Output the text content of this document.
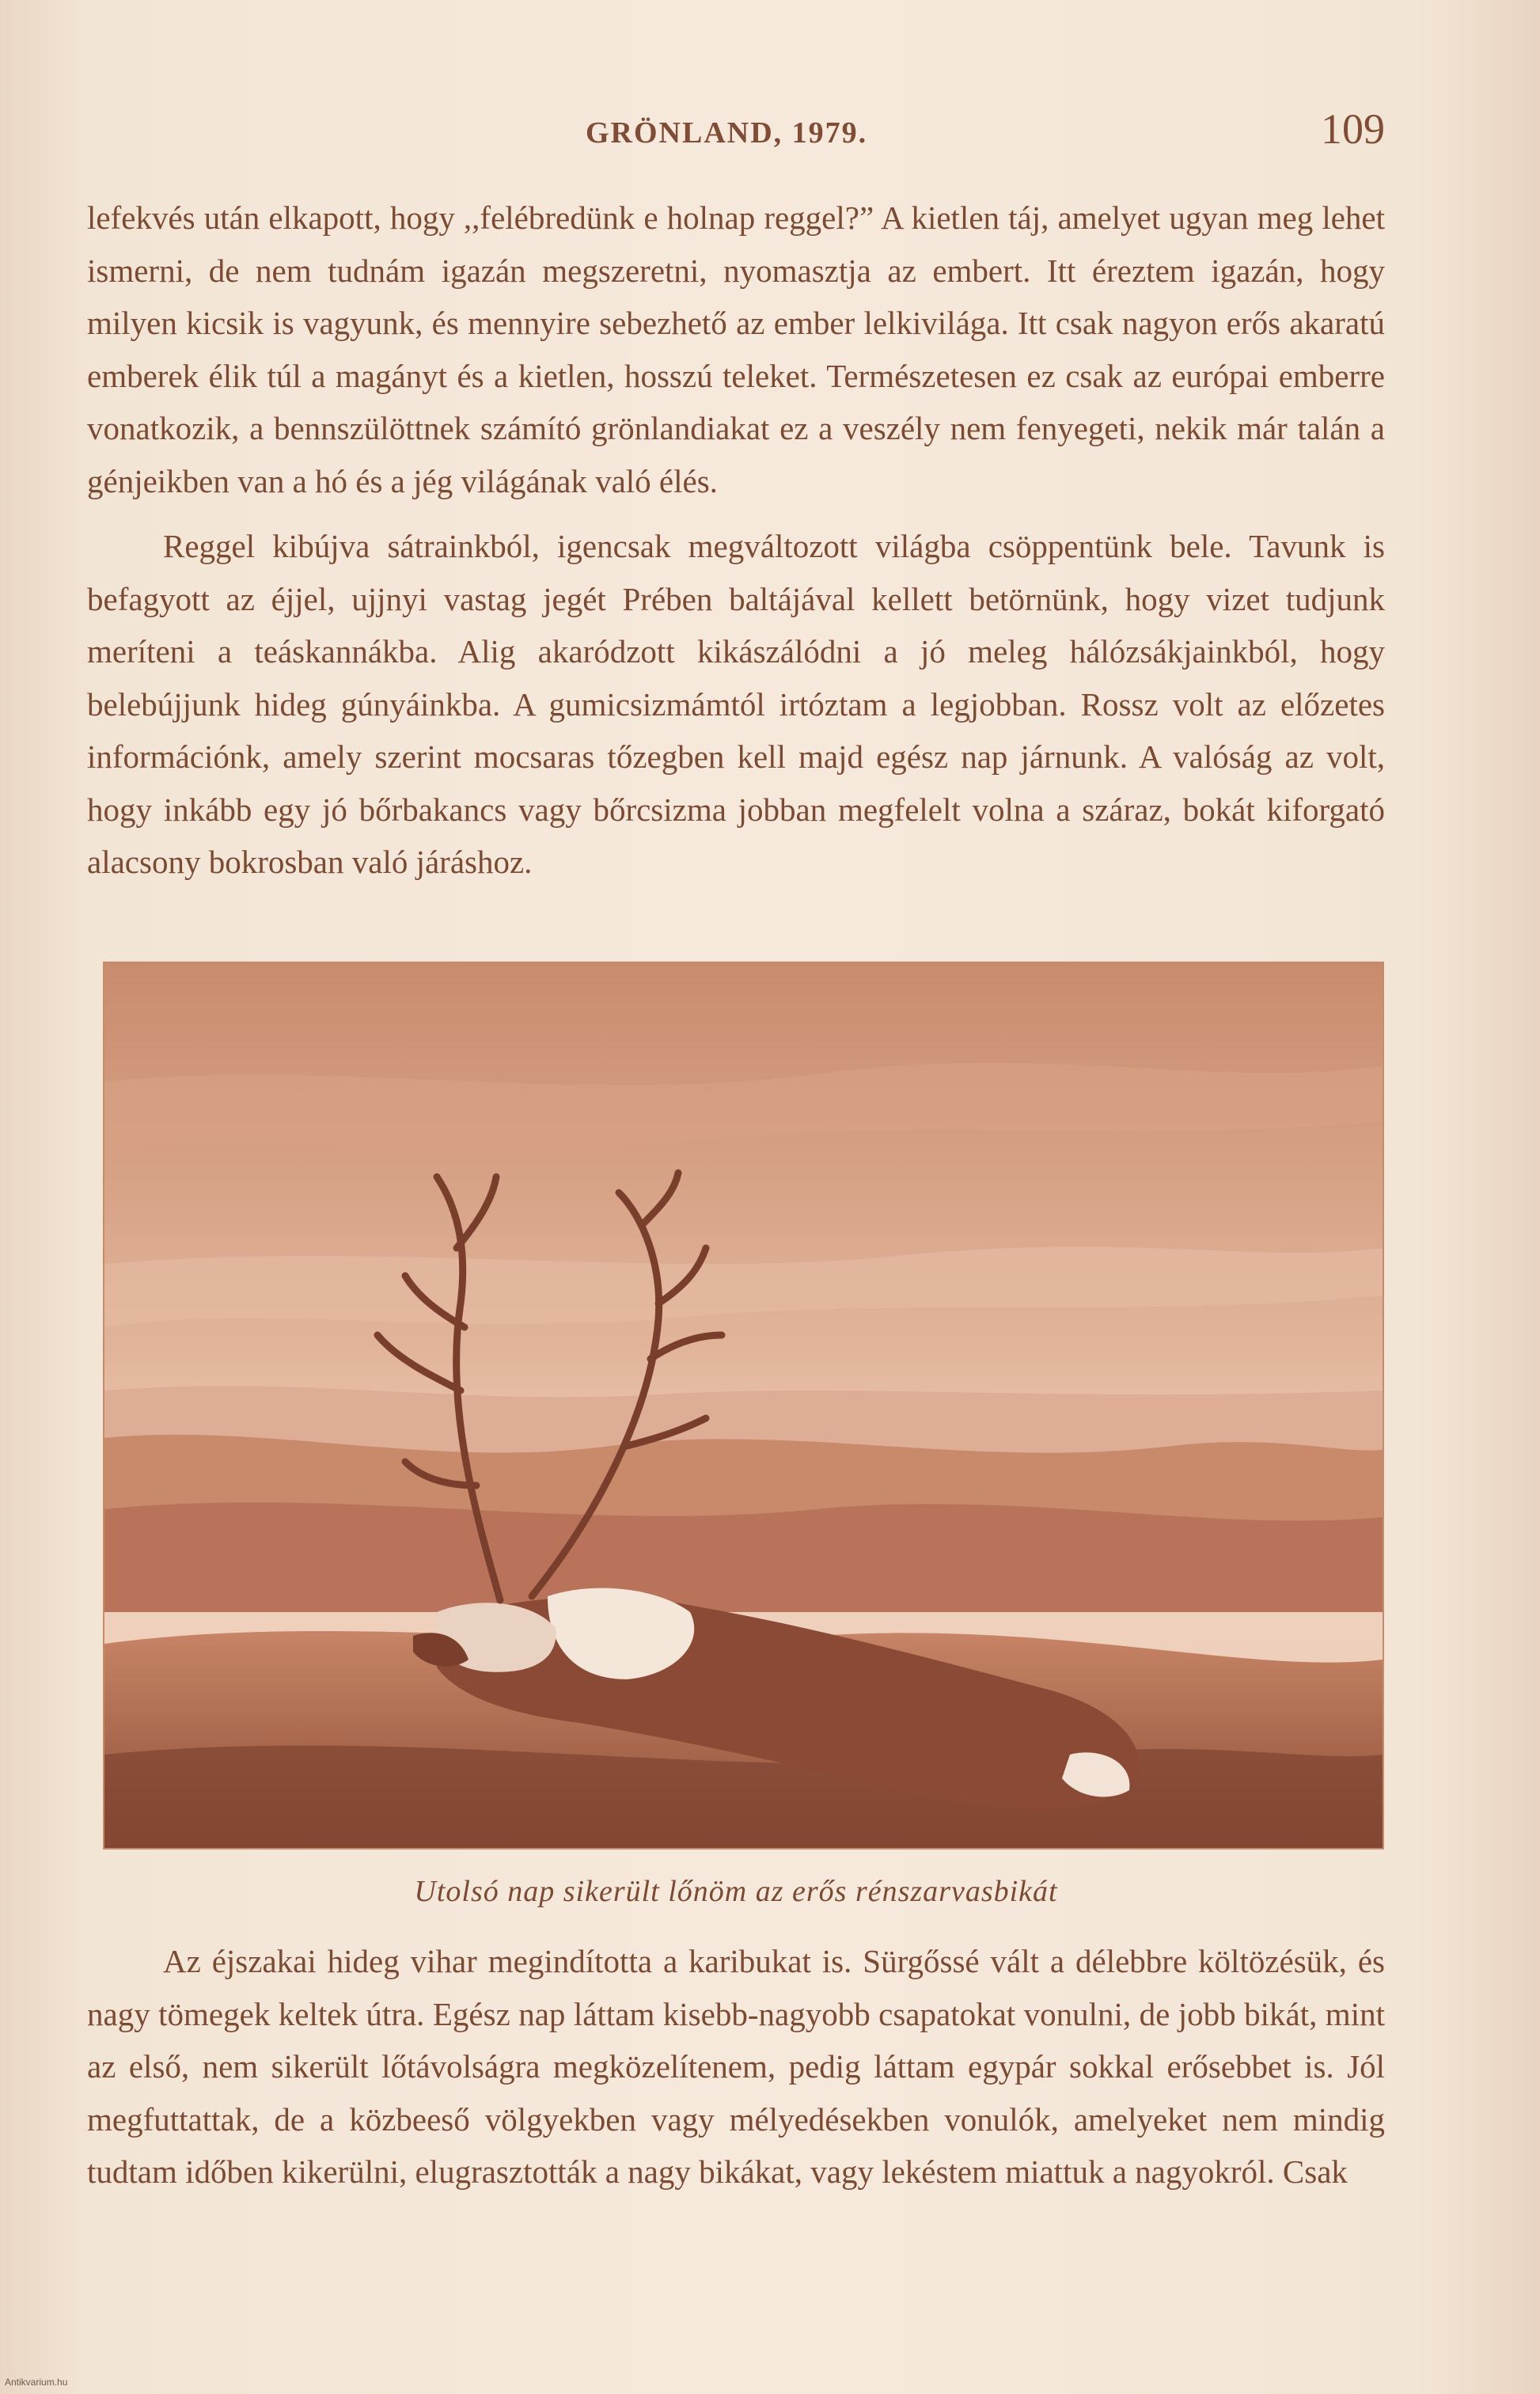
GRÖNLAND, 1979.	109

lefekvés után elkapott, hogy ,,felébredünk e holnap reggel?” A kietlen táj, amelyet ugyan meg lehet ismerni, de nem tudnám igazán megszeretni, nyomasztja az embert. Itt éreztem igazán, hogy milyen kicsik is vagyunk, és mennyire sebezhető az ember lelkivilága. Itt csak nagyon erős akaratú emberek élik túl a magányt és a kietlen, hosszú teleket. Természetesen ez csak az európai emberre vonatkozik, a bennszülöttnek számító grönlandiakat ez a veszély nem fenyegeti, nekik már talán a génjeikben van a hó és a jég világának való élés.

Reggel kibújva sátrainkból, igencsak megváltozott világba csöppentünk bele. Tavunk is befagyott az éjjel, ujjnyi vastag jegét Prében baltájával kellett betörnünk, hogy vizet tudjunk meríteni a teáskannákba. Alig akaródzott kikászálódni a jó meleg hálózsákjainkból, hogy belebújjunk hideg gúnyáinkba. A gumicsizmámtól irtóztam a legjobban. Rossz volt az előzetes információnk, amely szerint mocsaras tőzegben kell majd egész nap járnunk. A valóság az volt, hogy inkább egy jó bőrbakancs vagy bőrcsizma jobban megfelelt volna a száraz, bokát kiforgató alacsony bokrosban való járáshoz.

Utolsó nap sikerült lőnöm az erős rénszarvasbikát

Az éjszakai hideg vihar megindította a karibukat is. Sürgőssé vált a délebbre költözésük, és nagy tömegek keltek útra. Egész nap láttam kisebb-nagyobb csapatokat vonulni, de jobb bikát, mint az első, nem sikerült lőtávolságra megközelítenem, pedig láttam egypár sokkal erősebbet is. Jól megfuttattak, de a közbeeső völgyekben vagy mélyedésekben vonulók, amelyeket nem mindig tudtam időben kikerülni, elugrasztották a nagy bikákat, vagy lekéstem miattuk a nagyokról. Csak

Antikvarium.hu
